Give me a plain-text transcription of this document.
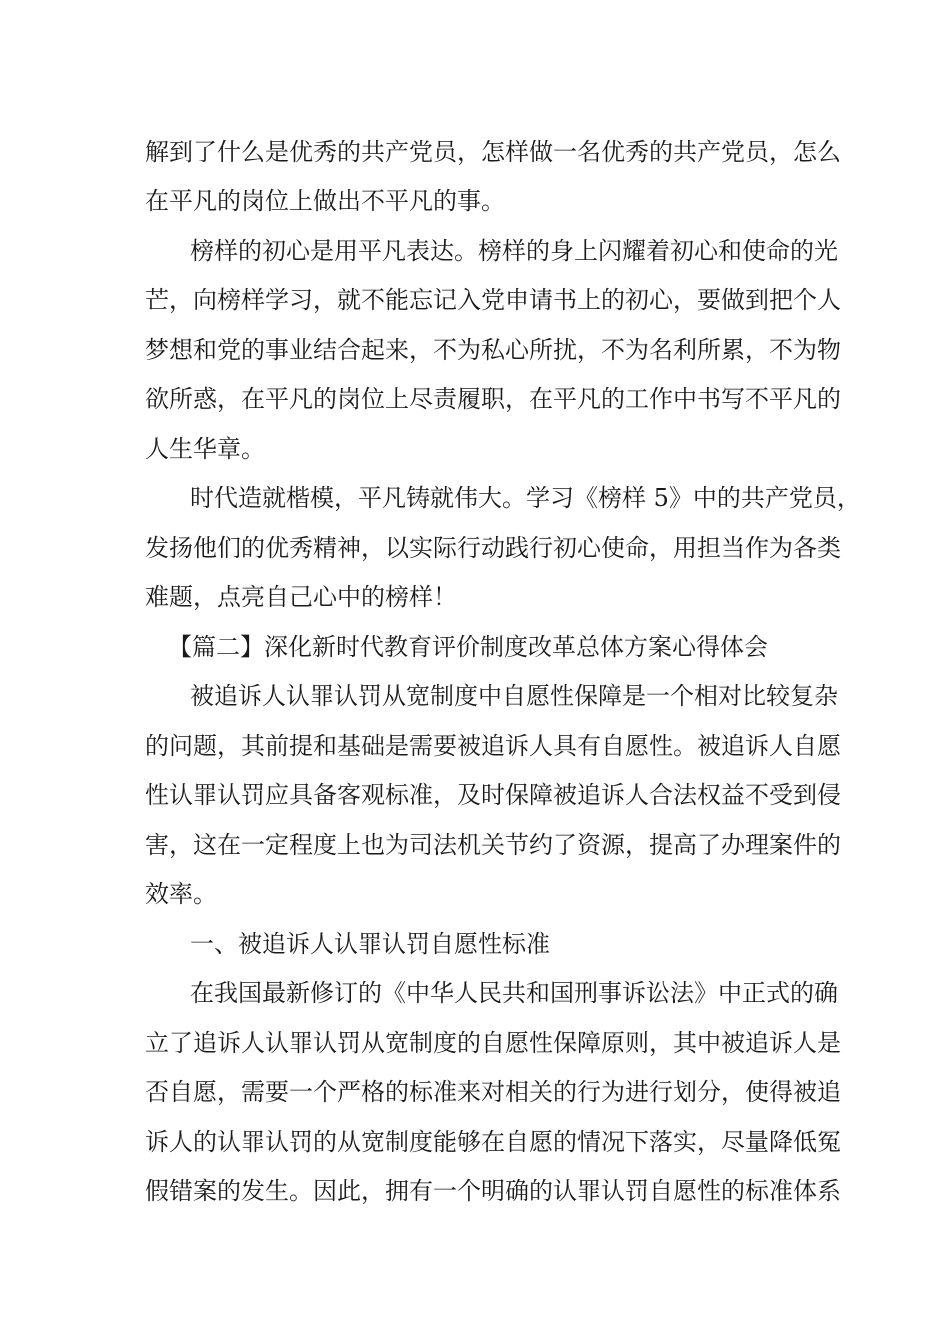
解到了什么是优秀的共产党员，怎样做一名优秀的共产党员，怎么
在平凡的岗位上做出不平凡的事。
榜样的初心是用平凡表达。榜样的身上闪耀着初心和使命的光
芒，向榜样学习，就不能忘记入党申请书上的初心，要做到把个人
梦想和党的事业结合起来，不为私心所扰，不为名利所累，不为物
欲所惑，在平凡的岗位上尽责履职，在平凡的工作中书写不平凡的
人生华章。
时代造就楷模，平凡铸就伟大。学习《榜样 5》中的共产党员，
发扬他们的优秀精神，以实际行动践行初心使命，用担当作为各类
难题，点亮自己心中的榜样！
【篇二】深化新时代教育评价制度改革总体方案心得体会
被追诉人认罪认罚从宽制度中自愿性保障是一个相对比较复杂
的问题，其前提和基础是需要被追诉人具有自愿性。被追诉人自愿
性认罪认罚应具备客观标准，及时保障被追诉人合法权益不受到侵
害，这在一定程度上也为司法机关节约了资源，提高了办理案件的
效率。
一、被追诉人认罪认罚自愿性标准
在我国最新修订的《中华人民共和国刑事诉讼法》中正式的确
立了追诉人认罪认罚从宽制度的自愿性保障原则，其中被追诉人是
否自愿，需要一个严格的标准来对相关的行为进行划分，使得被追
诉人的认罪认罚的从宽制度能够在自愿的情况下落实，尽量降低冤
假错案的发生。因此，拥有一个明确的认罪认罚自愿性的标准体系
